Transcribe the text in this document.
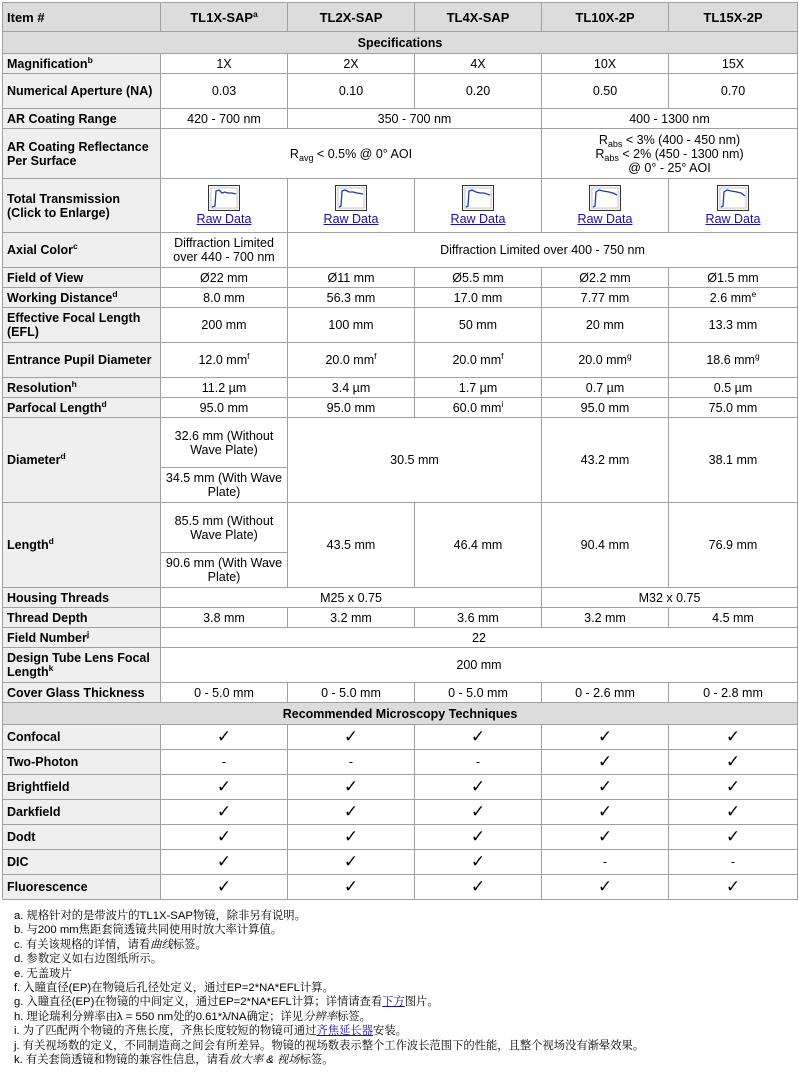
Item #	TL1X-SAP$^a$	TL2X-SAP	TL4X-SAP	TL10X-2P	TL15X-2P
Specifications					
Magnification$^b$	1X	2X	4X	10X	15X
Numerical Aperture (NA)	0.03	0.10	0.20	0.50	0.70
AR Coating Range	420 - 700 nm	350 - 700 nm		400 - 1300 nm	
AR Coating Reflectance Per Surface	$R_{avg} < 0.5\%$ @ 0° AOI			$R_{abs} < 3\%$ (400 - 450 nm)
$R_{abs} < 2\%$ (450 - 1300 nm)
@ 0° - 25° AOI	

Total Transmission (Click to Enlarge)	Raw Data	Raw Data	Raw Data	Raw Data	Raw Data
Axial Color$^c$	Diffraction Limited over 440 - 700 nm	Diffraction Limited over 400 - 750 nm			
Field of View	Ø22 mm	Ø11 mm	Ø5.5 mm	Ø2.2 mm	Ø1.5 mm
Working Distance$^d$	8.0 mm	56.3 mm	17.0 mm	7.77 mm	2.6 $mm^e$
Effective Focal Length (EFL)	200 mm	100 mm	50 mm	20 mm	13.3 mm
Entrance Pupil Diameter	12.0 $mm^f$	20.0 $mm^f$	20.0 $mm^f$	20.0 $mm^g$	18.6 $mm^g$
Resolution$^h$	11.2 µm	3.4 µm	1.7 µm	0.7 µm	0.5 µm
Parfocal Length$^d$	95.0 mm	95.0 mm	60.0 $mm^i$	95.0 mm	75.0 mm
Diameter$^d$	32.6 mm (Without Wave Plate)	30.5 mm		43.2 mm	38.1 mm
	34.5 mm (With Wave Plate)				
Length$^d$	85.5 mm (Without Wave Plate)	43.5 mm	46.4 mm	90.4 mm	76.9 mm
	90.6 mm (With Wave Plate)				
Housing Threads	M25 x 0.75			M32 x 0.75	
Thread Depth	3.8 mm	3.2 mm	3.6 mm	3.2 mm	4.5 mm
Field Number$^j$	22				
Design Tube Lens Focal Length$^k$	200 mm				
Cover Glass Thickness	0 - 5.0 mm	0 - 5.0 mm	0 - 5.0 mm	0 - 2.6 mm	0 - 2.8 mm
Recommended Microscopy Techniques					
Confocal	✓	✓	✓	✓	✓
Two-Photon	-	-	-	✓	✓
Brightfield	✓	✓	✓	✓	✓
Darkfield	✓	✓	✓	✓	✓
Dodt	✓	✓	✓	✓	✓
DIC	✓	✓	✓	-	-
Fluorescence	✓	✓	✓	✓	✓
a. 规格针对的是带波片的TL1X-SAP物镜，除非另有说明。
b. 与200 mm焦距套筒透镜共同使用时放大率计算值。
c. 有关该规格的详情，请看曲线标签。
d. 参数定义如右边图纸所示。
e. 无盖玻片
f. 入瞳直径(EP)在物镜后孔径处定义，通过EP=2*NA*EFL计算。
g. 入瞳直径(EP)在物镜的中间定义，通过EP=2*NA*EFL计算；详情请查看下方图片。
h. 理论瑞利分辨率由λ = 550 nm处的0.61*λ/NA确定；详见分辨率标签。
i. 为了匹配两个物镜的齐焦长度，齐焦长度较短的物镜可通过齐焦延长器安装。
j. 有关视场数的定义，不同制造商之间会有所差异。物镜的视场数表示整个工作波长范围下的性能，且整个视场没有渐晕效果。
k. 有关套筒透镜和物镜的兼容性信息，请看放大率 & 视场标签。
